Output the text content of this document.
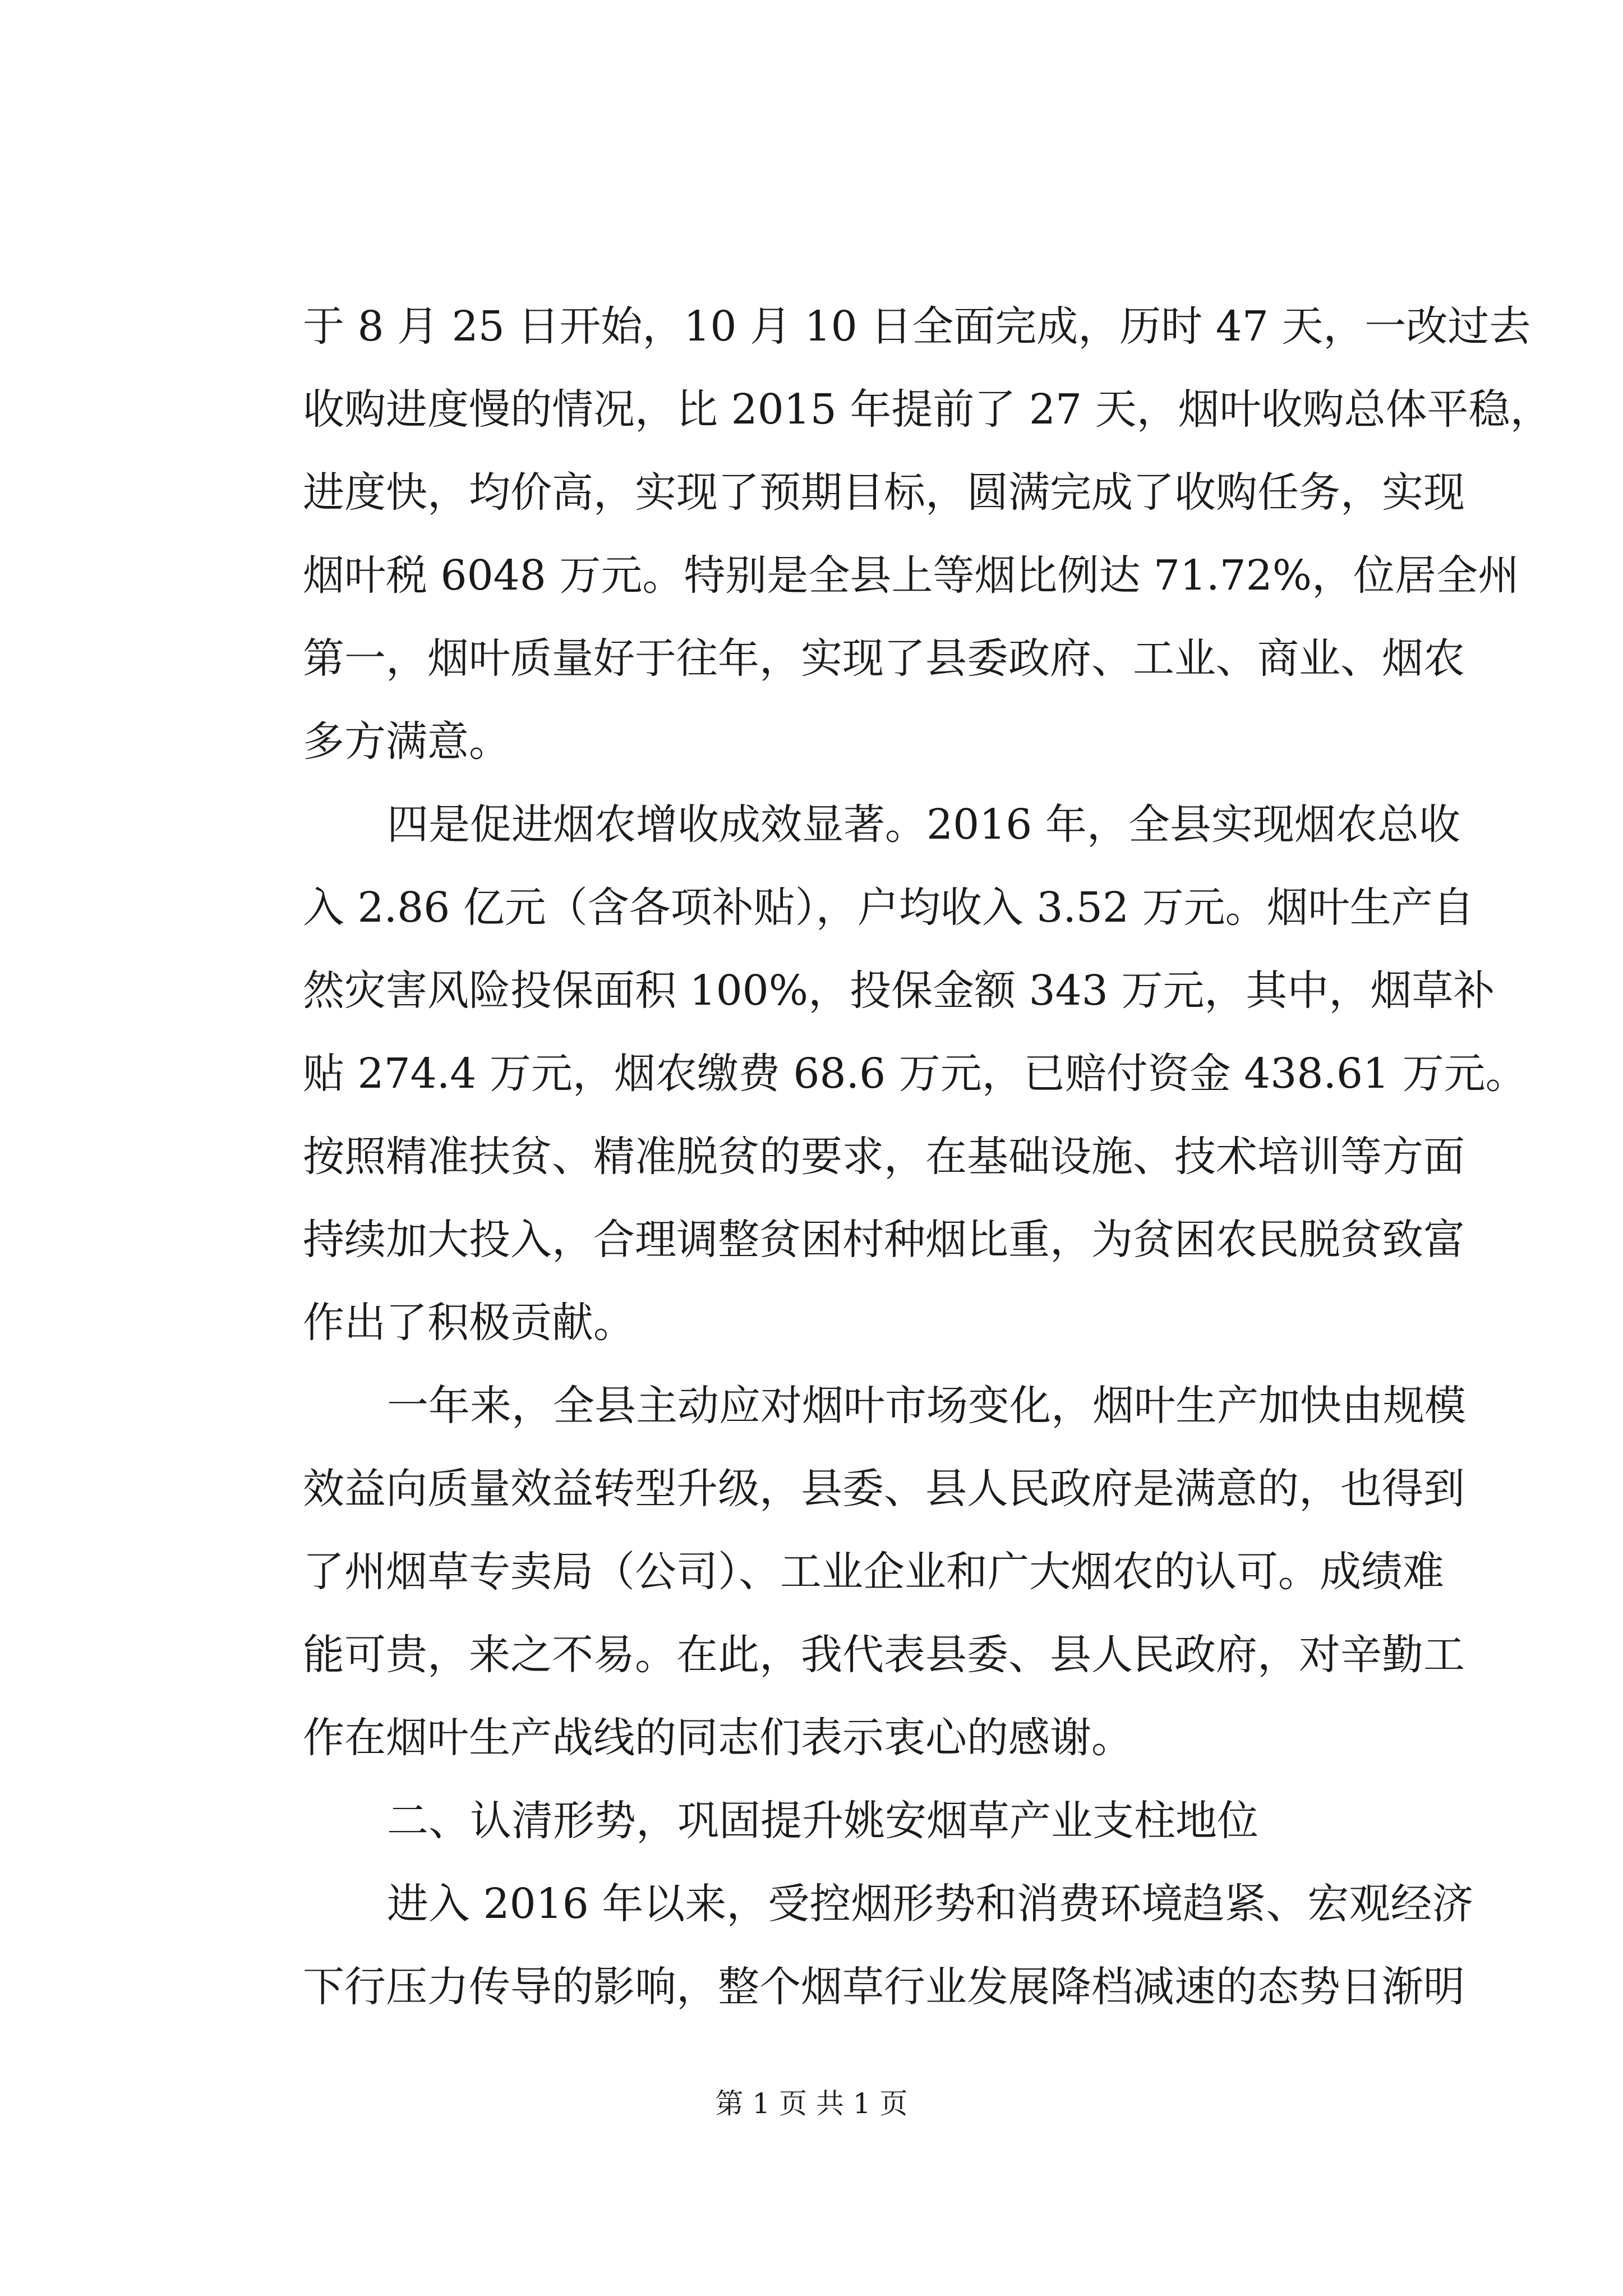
于 8 月 25 日开始，10 月 10 日全面完成，历时 47 天，一改过去
收购进度慢的情况，比 2015 年提前了 27 天，烟叶收购总体平稳，
进度快，均价高，实现了预期目标，圆满完成了收购任务，实现
烟叶税 6048 万元。特别是全县上等烟比例达 71.72%，位居全州
第一，烟叶质量好于往年，实现了县委政府、工业、商业、烟农
多方满意。
四是促进烟农增收成效显著。2016 年，全县实现烟农总收
入 2.86 亿元（含各项补贴），户均收入 3.52 万元。烟叶生产自
然灾害风险投保面积 100%，投保金额 343 万元，其中，烟草补
贴 274.4 万元，烟农缴费 68.6 万元，已赔付资金 438.61 万元。
按照精准扶贫、精准脱贫的要求，在基础设施、技术培训等方面
持续加大投入，合理调整贫困村种烟比重，为贫困农民脱贫致富
作出了积极贡献。
一年来，全县主动应对烟叶市场变化，烟叶生产加快由规模
效益向质量效益转型升级，县委、县人民政府是满意的，也得到
了州烟草专卖局（公司）、工业企业和广大烟农的认可。成绩难
能可贵，来之不易。在此，我代表县委、县人民政府，对辛勤工
作在烟叶生产战线的同志们表示衷心的感谢。
二、认清形势，巩固提升姚安烟草产业支柱地位
进入 2016 年以来，受控烟形势和消费环境趋紧、宏观经济
下行压力传导的影响，整个烟草行业发展降档减速的态势日渐明
第 1 页 共 1 页
